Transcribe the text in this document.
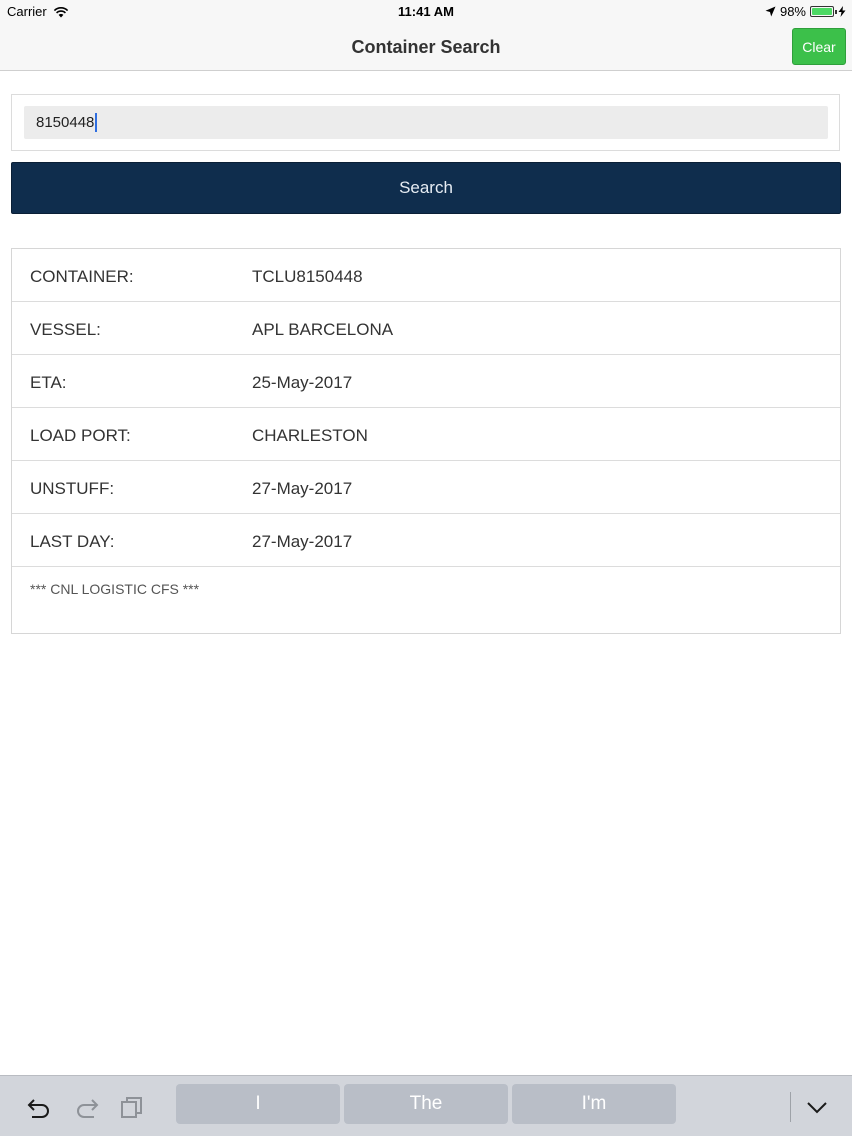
Carrier	11:41 AM	98%
Container Search	Clear
8150448
Search
CONTAINER:	TCLU8150448
VESSEL:	APL BARCELONA
ETA:	25-May-2017
LOAD PORT:	CHARLESTON
UNSTUFF:	27-May-2017
LAST DAY:	27-May-2017
*** CNL LOGISTIC CFS ***
I	The	I'm
